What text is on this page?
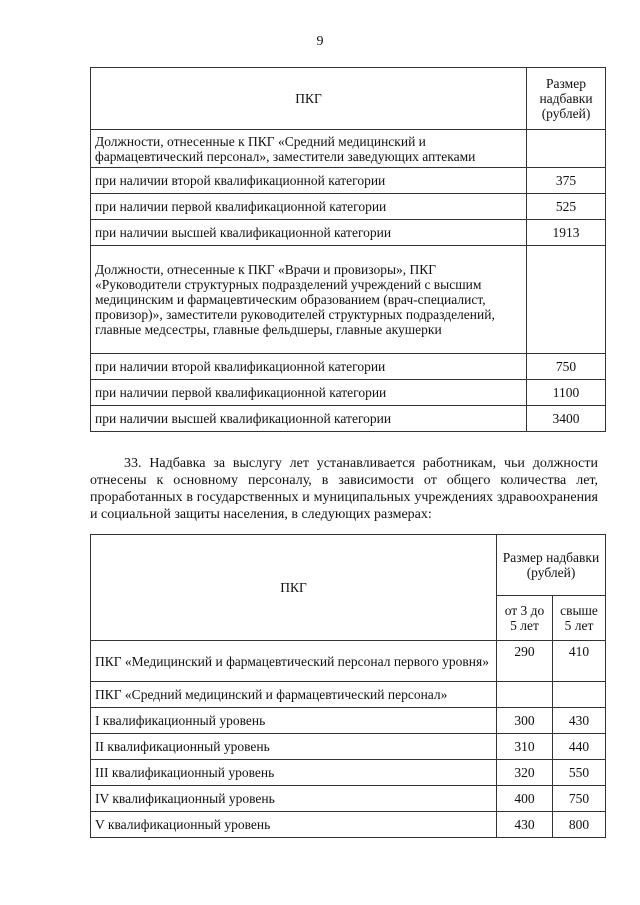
9
ПКГ	Размер надбавки (рублей)
Должности, отнесенные к ПКГ «Средний медицинский и фармацевтический персонал», заместители заведующих аптеками	
при наличии второй квалификационной категории	375
при наличии первой квалификационной категории	525
при наличии высшей квалификационной категории	1913
Должности, отнесенные к ПКГ «Врачи и провизоры», ПКГ «Руководители структурных подразделений учреждений с высшим медицинским и фармацевтическим образованием (врач-специалист, провизор)», заместители руководителей структурных подразделений, главные медсестры, главные фельдшеры, главные акушерки	
при наличии второй квалификационной категории	750
при наличии первой квалификационной категории	1100
при наличии высшей квалификационной категории	3400

33. Надбавка за выслугу лет устанавливается работникам, чьи должности отнесены к основному персоналу, в зависимости от общего количества лет, проработанных в государственных и муниципальных учреждениях здравоохранения и социальной защиты населения, в следующих размерах:

ПКГ	Размер надбавки (рублей)	
	от 3 до 5 лет	свыше 5 лет
ПКГ «Медицинский и фармацевтический персонал первого уровня»	290	410
ПКГ «Средний медицинский и фармацевтический персонал»		
I квалификационный уровень	300	430
II квалификационный уровень	310	440
III квалификационный уровень	320	550
IV квалификационный уровень	400	750
V квалификационный уровень	430	800
